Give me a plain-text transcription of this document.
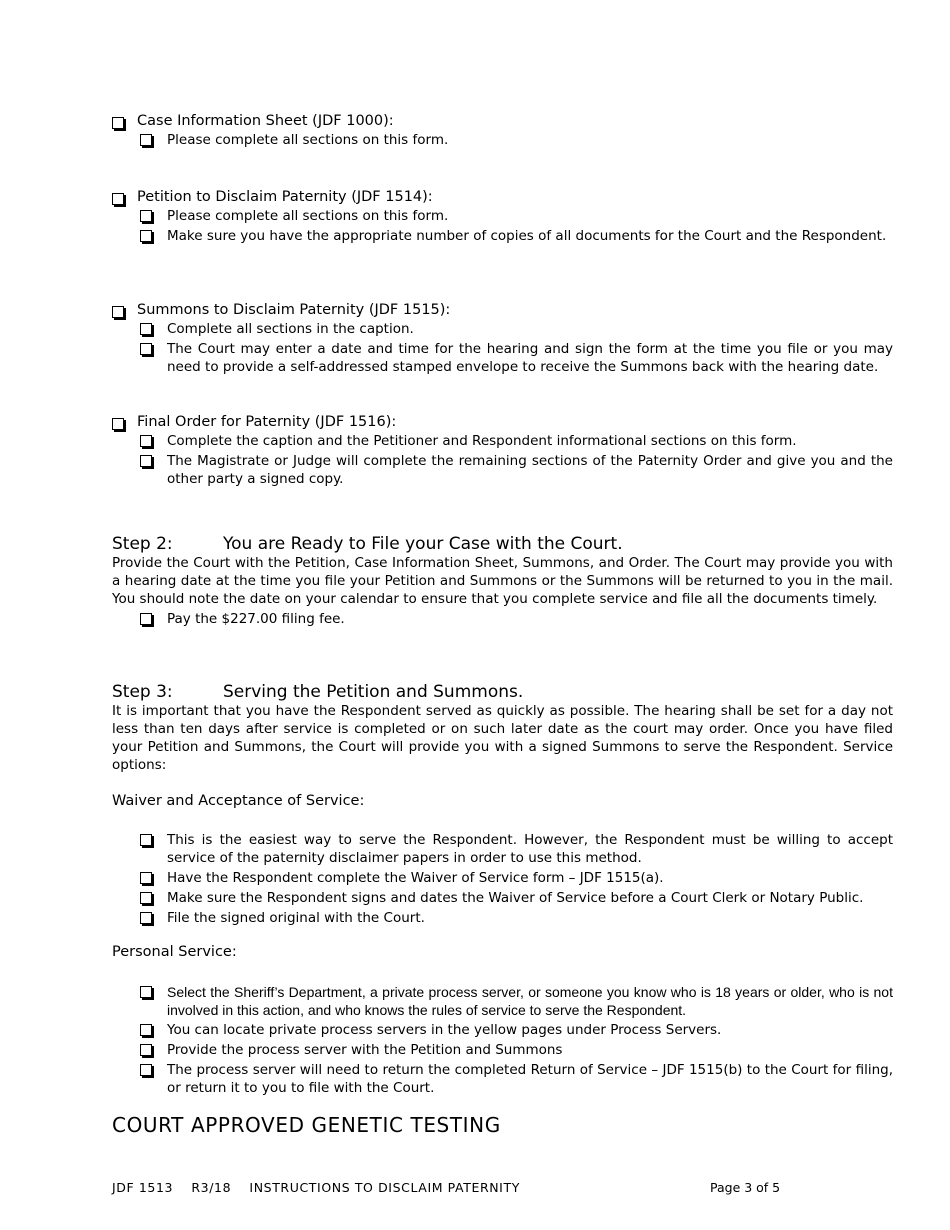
Case Information Sheet (JDF 1000):
Please complete all sections on this form.
Petition to Disclaim Paternity (JDF 1514):
Please complete all sections on this form.
Make sure you have the appropriate number of copies of all documents for the Court and the Respondent.
Summons to Disclaim Paternity (JDF 1515):
Complete all sections in the caption.
The Court may enter a date and time for the hearing and sign the form at the time you file or you may need to provide a self-addressed stamped envelope to receive the Summons back with the hearing date.
Final Order for Paternity (JDF 1516):
Complete the caption and the Petitioner and Respondent informational sections on this form.
The Magistrate or Judge will complete the remaining sections of the Paternity Order and give you and the other party a signed copy.
Step 2:	You are Ready to File your Case with the Court.
Provide the Court with the Petition, Case Information Sheet, Summons, and Order. The Court may provide you with a hearing date at the time you file your Petition and Summons or the Summons will be returned to you in the mail. You should note the date on your calendar to ensure that you complete service and file all the documents timely.
Pay the $227.00 filing fee.
Step 3:	Serving the Petition and Summons.
It is important that you have the Respondent served as quickly as possible. The hearing shall be set for a day not less than ten days after service is completed or on such later date as the court may order. Once you have filed your Petition and Summons, the Court will provide you with a signed Summons to serve the Respondent. Service options:
Waiver and Acceptance of Service:
This is the easiest way to serve the Respondent. However, the Respondent must be willing to accept service of the paternity disclaimer papers in order to use this method.
Have the Respondent complete the Waiver of Service form – JDF 1515(a).
Make sure the Respondent signs and dates the Waiver of Service before a Court Clerk or Notary Public.
File the signed original with the Court.
Personal Service:
Select the Sheriff’s Department, a private process server, or someone you know who is 18 years or older, who is not involved in this action, and who knows the rules of service to serve the Respondent.
You can locate private process servers in the yellow pages under Process Servers.
Provide the process server with the Petition and Summons
The process server will need to return the completed Return of Service – JDF 1515(b) to the Court for filing, or return it to you to file with the Court.
COURT APPROVED GENETIC TESTING
JDF 1513    R3/18    INSTRUCTIONS TO DISCLAIM PATERNITY	Page 3 of 5
